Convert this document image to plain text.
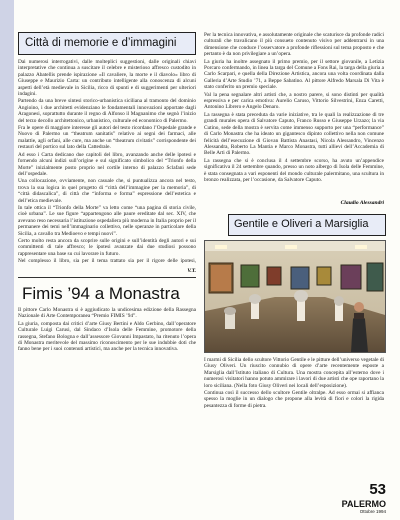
Città di memorie e d’immagini

Dai numerosi interrogativi, dalle molteplici suggestioni, dalle originali chiavi interpretative che continua a suscitare il celebre e misterioso affresco custodito in palazzo Abatellis prende ispirazione «Il cavaliere, la morte e il diavolo» libro di Giuseppe e Maurizio Carta: un contributo intelligente alla conoscenza di alcuni aspetti dell’età medievale in Sicilia, ricco di spunti e di suggerimenti per ulteriori indagini.

Partendo da una breve sintesi storico-urbanistica siciliana al tramonto del dominio Angioino, i due architetti evidenziano le fondamentali innovazioni apportate dagli Aragonesi, soprattutto durante il regno di Alfonso il Magnanimo che segnò l’inizio del terzo decollo architettonico, urbanistico, culturale ed economico di Palermo.

Fra le opere di maggiore interesse gli autori del testo ricordano l’Ospedale grande e Nuovo di Palermo un “theatrum sanitatis” relativo ai segni dei farmaci, alle malattie, agli orfani, alle cure, ma anche un “theatrum civitatis” corrispondente dei restauri del portico sul lato della Cattedrale.

Ad esso i Carta dedicano due capitoli del libro, avanzando anche delle ipotesi e fornendo alcuni indizi sull’origine e sul significato simbolico del “Trionfo della Morte” inizialmente posto proprio nel cortile interno di palazzo Sclafani sede dell’ospedale.

Una collocazione, ovviamente, non casuale che, si puntualizza ancora nel testo, trova la sua logica in quel progetto di “città dell’immagine per la memoria”, di “città didascalica”, di città che “informa e forma” espressione dell’estetica e dell’etica medievale.

In tale ottica il “Trionfo della Morte” va letto come “una pagina di storia civile, cioè urbana”. Le sue figure “appartengono alle paure ereditate dal sec. XIV, che avevano reso necessaria l’istituzione ospedaliera più moderna in Italia proprio per il permanere dei temi nell’immaginario collettivo, nelle speranze in particolare della Sicilia, a cavallo tra Medioevo e tempi nuovi”.

Certo molto resta ancora da scoprire sulle origini e sull’identità degli autori e sui committenti di tale affresco; le ipotesi avanzate dai due studiosi possono rappresentare una base su cui lavorare in futuro.

Nel complesso il libro, sia per il tema trattato sia per il rigore delle ipotesi,

V.T.
Fimis ’94 a Monastra

Il pittore Carlo Monastra si è aggiudicato la undicesima edizione della Rassegna Nazionale di Arte Contemporanea “Premio FIMIS ’94”.

La giuria, composta dai critici d’arte Giusy Bertini e Aldo Gerbino, dall’operatore Culturale Luigi Carusi, dal Sindaco d’Isola delle Femmine, promotore della rassegna, Stefano Bologna e dall’assessore Giovanni Impastato, ha ritenuto l’opera di Monastra meritevole del massimo riconoscimento per le sue indubbie doti che fanno bene per i suoi contenuti artistici, ma anche per la tecnica innovativa.

Per la tecnica innovativa, e assolutamente originale che scaturisce da profonde radici culturali che travalicano il più consueto contenuto visivo per addentrarsi in una dimensione che conduce l’osservatore a profonde riflessioni sul tema proposto e che pertanto è da non privilegiare a un’opera.

La giuria ha inoltre assegnato il primo premio, per il settore giovanile, a Letizia Porcaro confermando, in linea la targa del Comune a Fons Rai, la targa della giuria a Carlo Scarpari, e quella della Direzione Artistica, ancora una volta coordinata dalla Galleria d’Arte Studio ’71, a Beppe Sabatino. Al pittore Alfredo Marsala Di Vita è stato conferito un premio speciale.

Val la pena segnalare altri artisti che, a nostro parere, si sono distinti per qualità espressiva e per carica emotiva: Aurelio Caruso, Vittorio Silvestrini, Enza Caretti, Antonino Librero e Angelo Denaro.

La rassegna è stata preceduta da varie iniziative, tra le quali la realizzazione di tre grandi murales opera di Salvatore Caputo, Franco Russo e Giuseppe Urzazo; la via Cutino, sede della mostra è servita come immenso supporto per una “performance” di Carlo Monastra che ha ideato un gigantesco dipinto collettivo nella non comune felicità dell’esecuzione di Giovan Battista Anastasi, Nicola Alessandro, Vincenzo Alessandra, Roberto La Mantia e Marco Monastra, tutti allievi dell’Accademia di Belle Arti di Palermo.

La rassegna che si è conclusa il 4 settembre scorso, ha avuto un’appendice significativa il 24 settembre quando, presso un noto albergo di Isola delle Femmine, è stata consegnata a vari esponenti del mondo culturale palermitano, una scultura in bronzo realizzata, per l’occasione, da Salvatore Caputo.

Claudio Alessandri
Gentile e Oliveri a Marsiglia

I marmi di Sicilia dello scultore Vittorio Gentile e le pitture dell’universo vegetale di Giusy Oliveri. Un riuscito connubio di opere d’arte recentemente esposte a Marsiglia dall’Istituto italiano di Cultura. Una mostra concepita all’esterno dove i numerosi visitatori hanno potuto ammirare i lavori di due artisti che ope raportano la loro siciliana. (Nella foto Giusy Oliveri nei locali dell’esposizione).

Continua così il successo dello scultore Gentile oltralpe. Ad esso ormai si affianca spesso la moglie in un dialogo che propone alla levità di fiori e colori la rigida pesantezza di forme di pietra.

53
PALERMO
Ottobre 1994
